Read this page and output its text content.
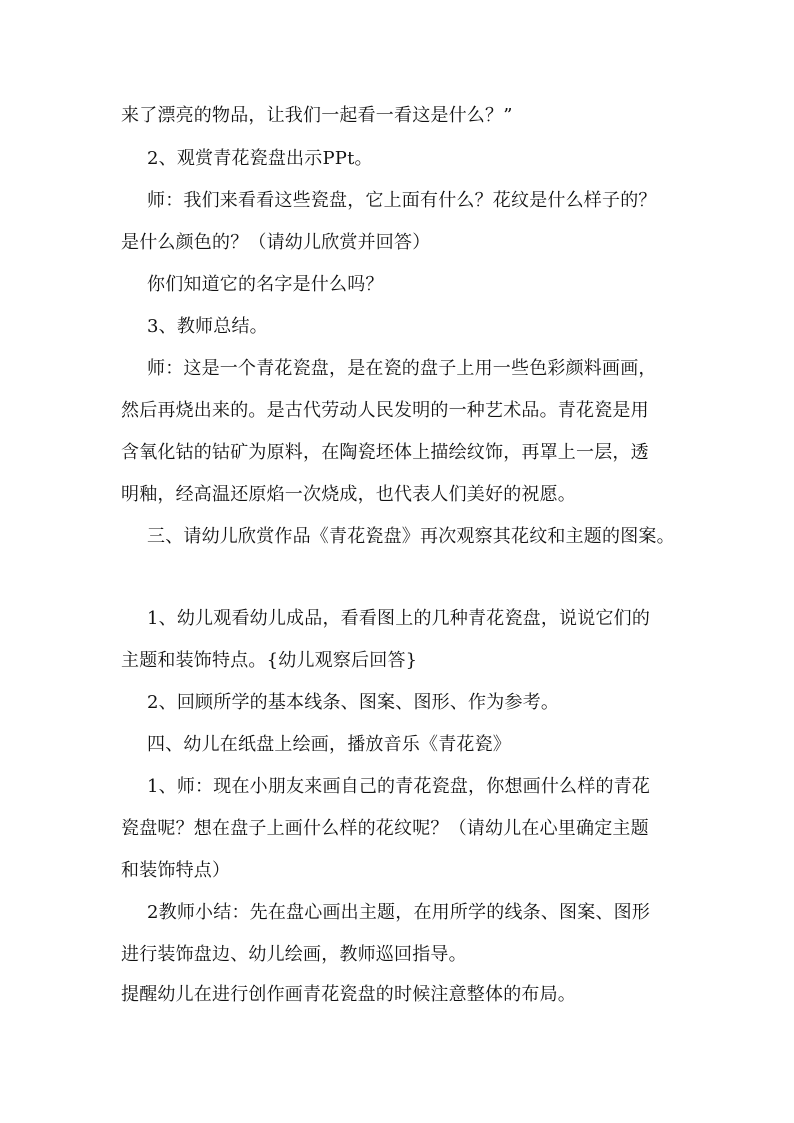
来了漂亮的物品，让我们一起看一看这是什么？”
2、观赏青花瓷盘出示PPt。
师：我们来看看这些瓷盘，它上面有什么？花纹是什么样子的？
是什么颜色的？（请幼儿欣赏并回答）
你们知道它的名字是什么吗？
3、教师总结。
师：这是一个青花瓷盘，是在瓷的盘子上用一些色彩颜料画画，
然后再烧出来的。是古代劳动人民发明的一种艺术品。青花瓷是用
含氧化钴的钴矿为原料，在陶瓷坯体上描绘纹饰，再罩上一层，透
明釉，经高温还原焰一次烧成，也代表人们美好的祝愿。
三、请幼儿欣赏作品《青花瓷盘》再次观察其花纹和主题的图案。
1、幼儿观看幼儿成品，看看图上的几种青花瓷盘，说说它们的
主题和装饰特点。{幼儿观察后回答}
2、回顾所学的基本线条、图案、图形、作为参考。
四、幼儿在纸盘上绘画，播放音乐《青花瓷》
1、师：现在小朋友来画自己的青花瓷盘，你想画什么样的青花
瓷盘呢？想在盘子上画什么样的花纹呢？（请幼儿在心里确定主题
和装饰特点）
2教师小结：先在盘心画出主题，在用所学的线条、图案、图形
进行装饰盘边、幼儿绘画，教师巡回指导。
提醒幼儿在进行创作画青花瓷盘的时候注意整体的布局。
